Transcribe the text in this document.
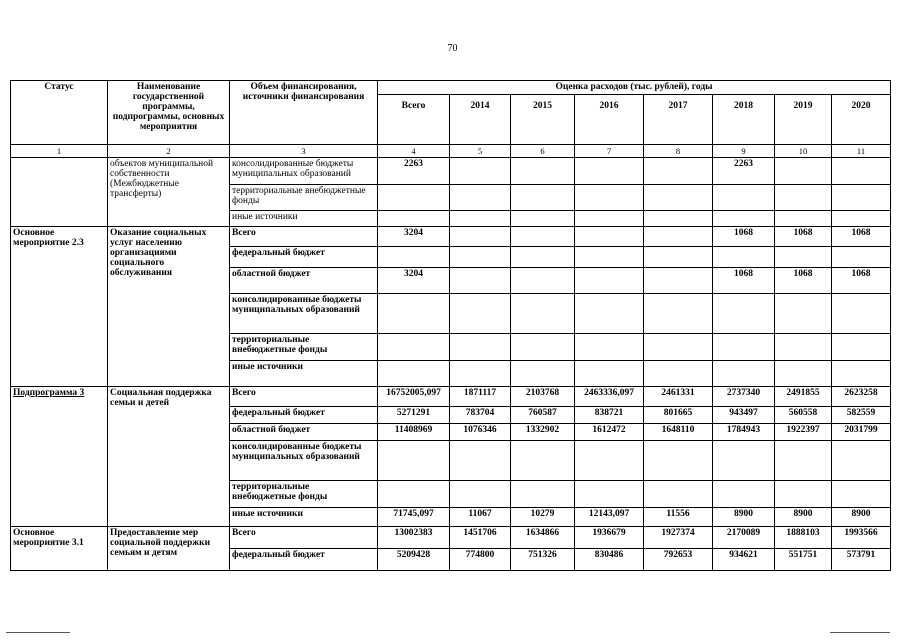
70
Статус	Наименование государственной программы, подпрограммы, основных мероприятия	Объем финансирования, источники финансирования	Оценка расходов (тыс. рублей), годы							
			Всего	2014	2015	2016	2017	2018	2019	2020
1	2	3	4	5	6	7	8	9	10	11
	объектов муниципальной собственности (Межбюджетные трансферты)	консолидированные бюджеты муниципальных образований	2263					2263		
		территориальные внебюджетные фонды								
		иные источники								
Основное мероприятие 2.3	Оказание социальных услуг населению организациями социального обслуживания	Всего	3204					1068	1068	1068
		федеральный бюджет								
		областной бюджет	3204					1068	1068	1068
		консолидированные бюджеты муниципальных образований								
		территориальные внебюджетные фонды								
		иные источники								
Подпрограмма 3	Социальная поддержка семьи и детей	Всего	16752005,097	1871117	2103768	2463336,097	2461331	2737340	2491855	2623258
		федеральный бюджет	5271291	783704	760587	838721	801665	943497	560558	582559
		областной бюджет	11408969	1076346	1332902	1612472	1648110	1784943	1922397	2031799
		консолидированные бюджеты муниципальных образований								
		территориальные внебюджетные фонды								
		иные источники	71745,097	11067	10279	12143,097	11556	8900	8900	8900
Основное мероприятие 3.1	Предоставление мер социальной поддержки семьям и детям	Всего	13002383	1451706	1634866	1936679	1927374	2170089	1888103	1993566
		федеральный бюджет	5209428	774800	751326	830486	792653	934621	551751	573791
